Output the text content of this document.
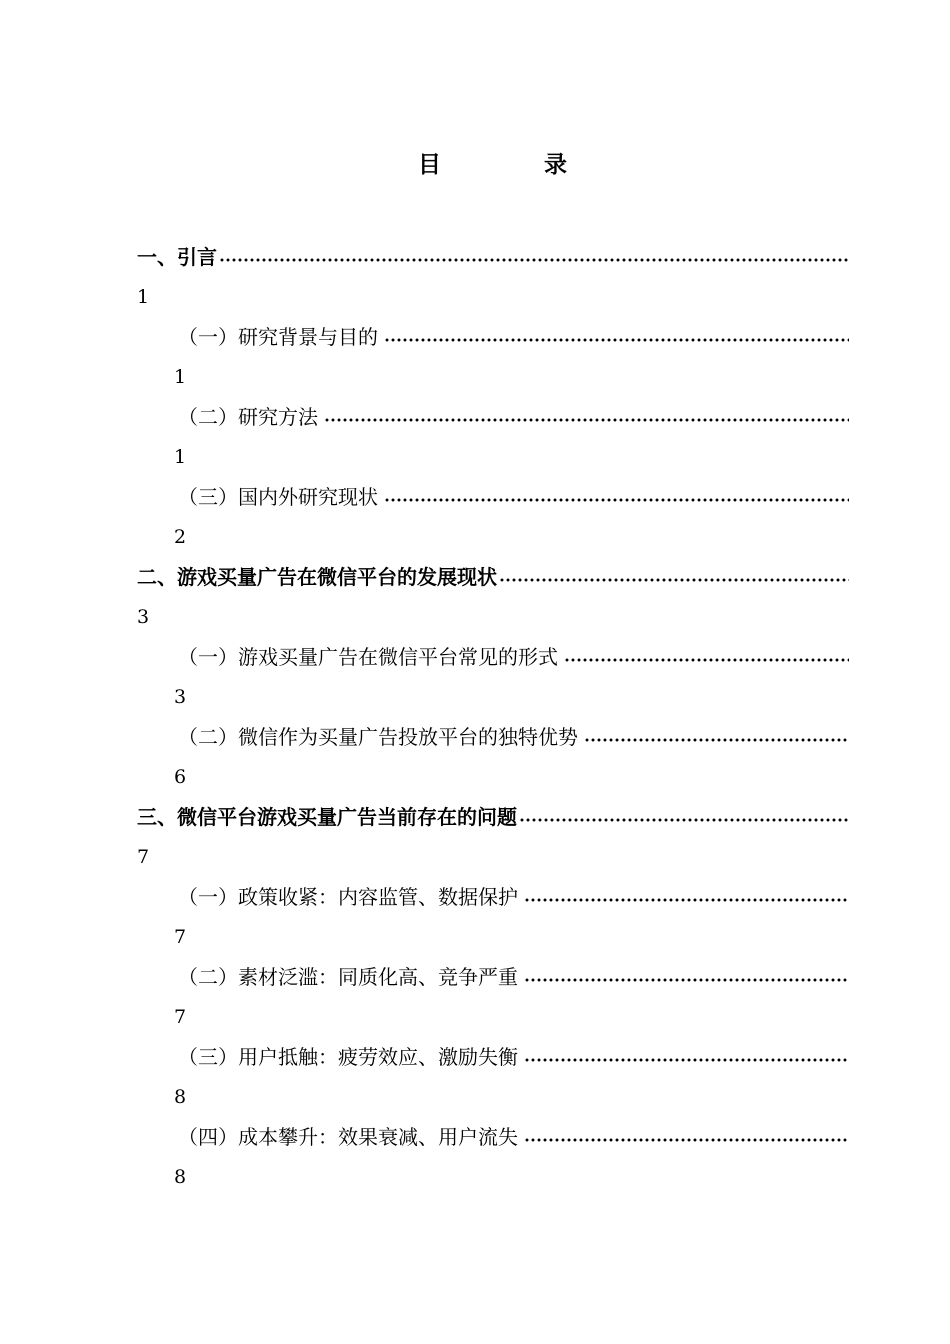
目	录
一、引言
1
（一）研究背景与目的
1
（二）研究方法
1
（三）国内外研究现状
2
二、游戏买量广告在微信平台的发展现状
3
（一）游戏买量广告在微信平台常见的形式
3
（二）微信作为买量广告投放平台的独特优势
6
三、微信平台游戏买量广告当前存在的问题
7
（一）政策收紧：内容监管、数据保护
7
（二）素材泛滥：同质化高、竞争严重
7
（三）用户抵触：疲劳效应、激励失衡
8
（四）成本攀升：效果衰减、用户流失
8
